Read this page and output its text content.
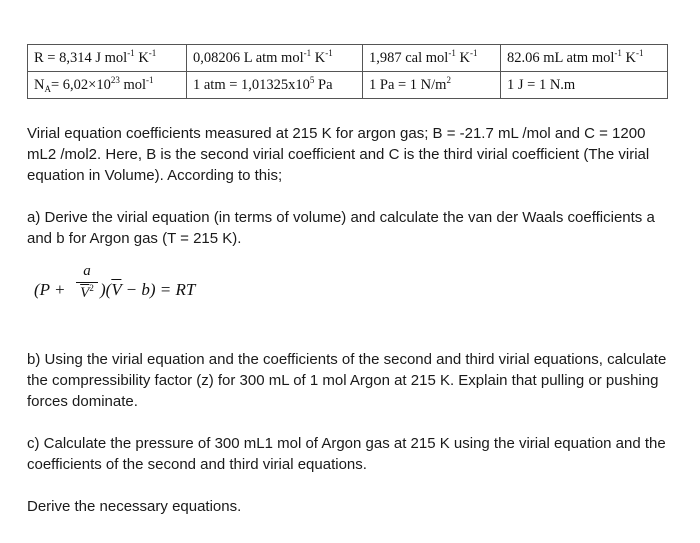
R = 8,314 J mol$^{-1}$ $K^{-1}$	0,08206 L atm mol$^{-1}$ $K^{-1}$	1,987 cal mol$^{-1}$ $K^{-1}$	82.06 mL atm mol$^{-1}$ $K^{-1}$
$N_A= 6,02\times 10^{23}$ mol$^{-1}$	1 atm = $1,01325x10^5$ Pa	1 Pa = 1 $N/m^2$	1 J = 1 N.m
Virial equation coefficients measured at 215 K for argon gas; B = -21.7 mL /mol and C = 1200 mL2 /mol2. Here, B is the second virial coefficient and C is the third virial coefficient (The virial equation in Volume). According to this;
a) Derive the virial equation (in terms of volume) and calculate the van der Waals coefficients a and b for Argon gas (T = 215 K).
(P +
a
$\overline{V}^2$ )$(\overline{V} - b)$ = RT
b) Using the virial equation and the coefficients of the second and third virial equations, calculate the compressibility factor (z) for 300 mL of 1 mol Argon at 215 K. Explain that pulling or pushing forces dominate.
c) Calculate the pressure of 300 mL1 mol of Argon gas at 215 K using the virial equation and the coefficients of the second and third virial equations.
Derive the necessary equations.
